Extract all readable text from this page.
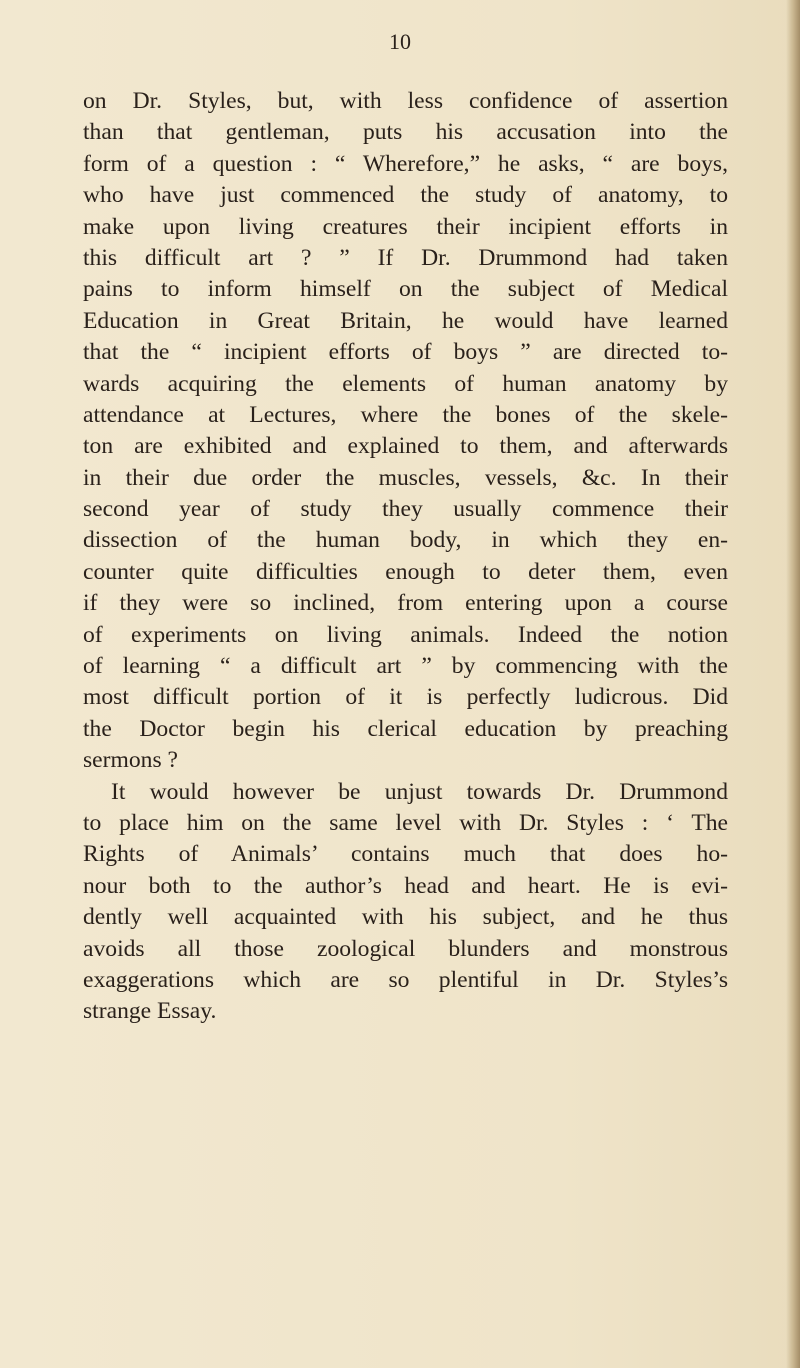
10
on Dr. Styles, but, with less confidence of assertion
than that gentleman, puts his accusation into the
form of a question : “ Wherefore,” he asks, “ are boys,
who have just commenced the study of anatomy, to
make upon living creatures their incipient efforts in
this difficult art ? ” If Dr. Drummond had taken
pains to inform himself on the subject of Medical
Education in Great Britain, he would have learned
that the “ incipient efforts of boys ” are directed to-
wards acquiring the elements of human anatomy by
attendance at Lectures, where the bones of the skele-
ton are exhibited and explained to them, and afterwards
in their due order the muscles, vessels, &c. In their
second year of study they usually commence their
dissection of the human body, in which they en-
counter quite difficulties enough to deter them, even
if they were so inclined, from entering upon a course
of experiments on living animals. Indeed the notion
of learning “ a difficult art ” by commencing with the
most difficult portion of it is perfectly ludicrous. Did
the Doctor begin his clerical education by preaching
sermons ?
It would however be unjust towards Dr. Drummond
to place him on the same level with Dr. Styles : ‘ The
Rights of Animals’ contains much that does ho-
nour both to the author’s head and heart. He is evi-
dently well acquainted with his subject, and he thus
avoids all those zoological blunders and monstrous
exaggerations which are so plentiful in Dr. Styles’s
strange Essay.
